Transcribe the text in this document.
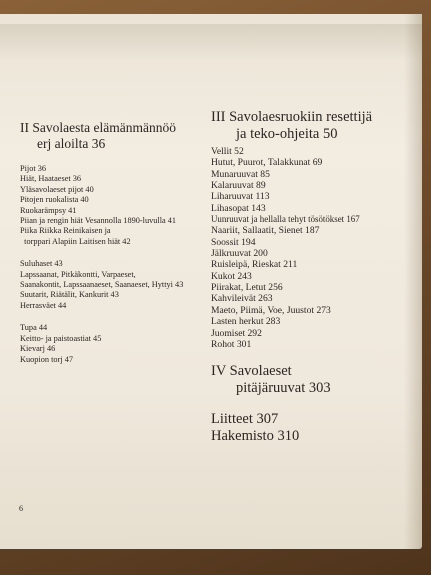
II Savolaesta elämänmännöö
erj aloilta 36
Pijot 36
Hiät, Haataeset 36
Yläsavolaeset pijot 40
Pitojen ruokalista 40
Ruokarämpsy 41
Piian ja rengin hiät Vesannolla 1890-luvulla 41
Piika Riikka Reinikaisen ja
torppari Alapiin Laitisen hiät 42
Suluhaset 43
Lapssaanat, Pitkäkontti, Varpaeset,
Saanakontit, Lapssaanaeset, Saanaeset, Hyttyi 43
Suutarit, Riätälit, Kankurit 43
Herrasväet 44
Tupa 44
Keitto- ja paistoastiat 45
Kievarj 46
Kuopion torj 47
III Savolaesruokiin resettijä
ja teko-ohjeita 50
Vellit 52
Hutut, Puurot, Talakkunat 69
Munaruuvat 85
Kalaruuvat 89
Liharuuvat 113
Lihasopat 143
Uunruuvat ja hellalla tehyt tösötökset 167
Naariit, Sallaatit, Sienet 187
Soossit 194
Jälkruuvat 200
Ruisleipä, Rieskat 211
Kukot 243
Piirakat, Letut 256
Kahvileivät 263
Maeto, Piimä, Voe, Juustot 273
Lasten herkut 283
Juomiset 292
Rohot 301
IV Savolaeset
pitäjäruuvat 303
Liitteet 307
Hakemisto 310
6
